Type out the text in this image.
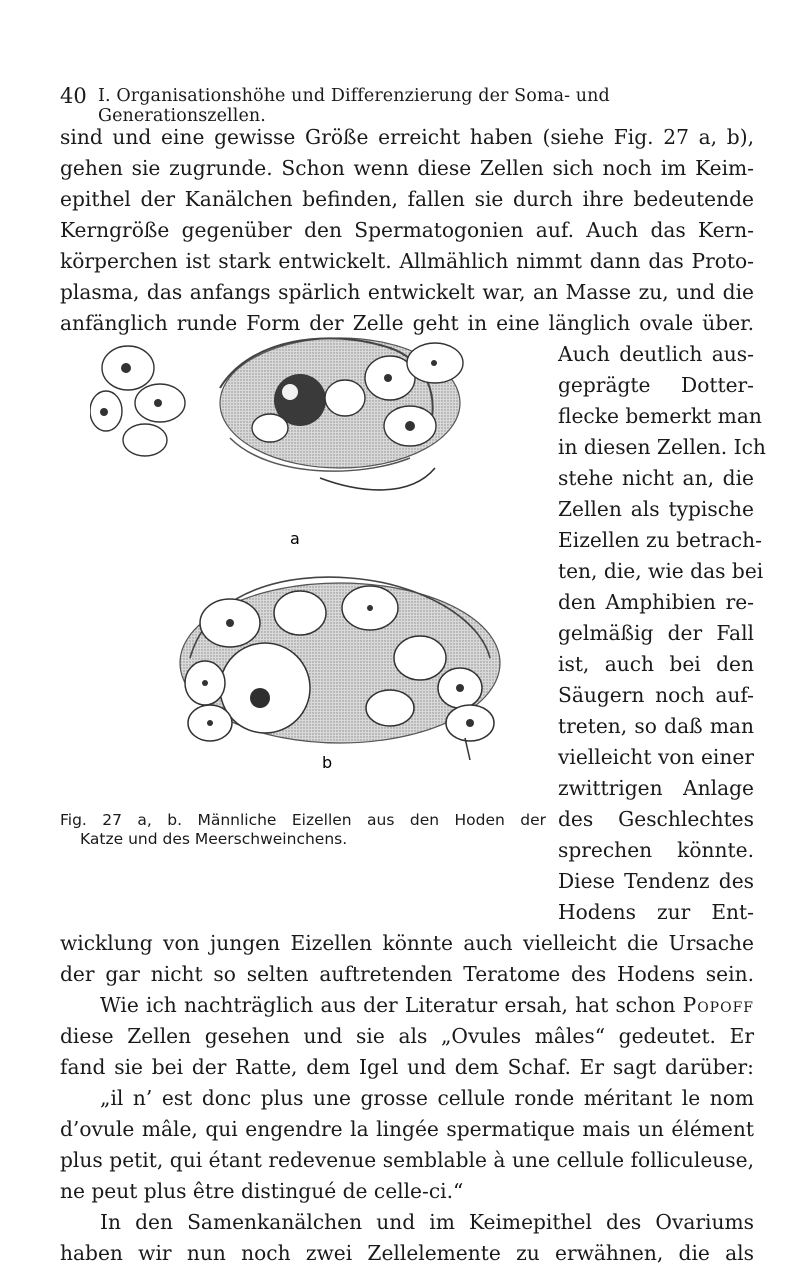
40 I. Organisationshöhe und Differenzierung der Soma- und Generationszellen.
sind und eine gewisse Größe erreicht haben (siehe Fig. 27 a, b),
gehen sie zugrunde. Schon wenn diese Zellen sich noch im Keim-
epithel der Kanälchen befinden, fallen sie durch ihre bedeutende
Kerngröße gegenüber den Spermatogonien auf. Auch das Kern-
körperchen ist stark entwickelt. Allmählich nimmt dann das Proto-
plasma, das anfangs spärlich entwickelt war, an Masse zu, und die
anfänglich runde Form der Zelle geht in eine länglich ovale über.
Auch deutlich aus-
geprägte Dotter-
flecke bemerkt man
in diesen Zellen. Ich
stehe nicht an, die
Zellen als typische
Eizellen zu betrach-
ten, die, wie das bei
den Amphibien re-
gelmäßig der Fall
ist, auch bei den
Säugern noch auf-
treten, so daß man
vielleicht von einer
zwittrigen Anlage
des Geschlechtes
sprechen könnte.
Diese Tendenz des
Hodens zur Ent-
a
b
Fig. 27 a, b. Männliche Eizellen aus den Hoden der
Katze und des Meerschweinchens.
wicklung von jungen Eizellen könnte auch vielleicht die Ursache
der gar nicht so selten auftretenden Teratome des Hodens sein.
Wie ich nachträglich aus der Literatur ersah, hat schon Popoff
diese Zellen gesehen und sie als „Ovules mâles“ gedeutet. Er
fand sie bei der Ratte, dem Igel und dem Schaf. Er sagt darüber:
„il n’ est donc plus une grosse cellule ronde méritant le nom
d’ovule mâle, qui engendre la lingée spermatique mais un élément
plus petit, qui étant redevenue semblable à une cellule folliculeuse,
ne peut plus être distingué de celle-ci.“
In den Samenkanälchen und im Keimepithel des Ovariums
haben wir nun noch zwei Zellelemente zu erwähnen, die als
